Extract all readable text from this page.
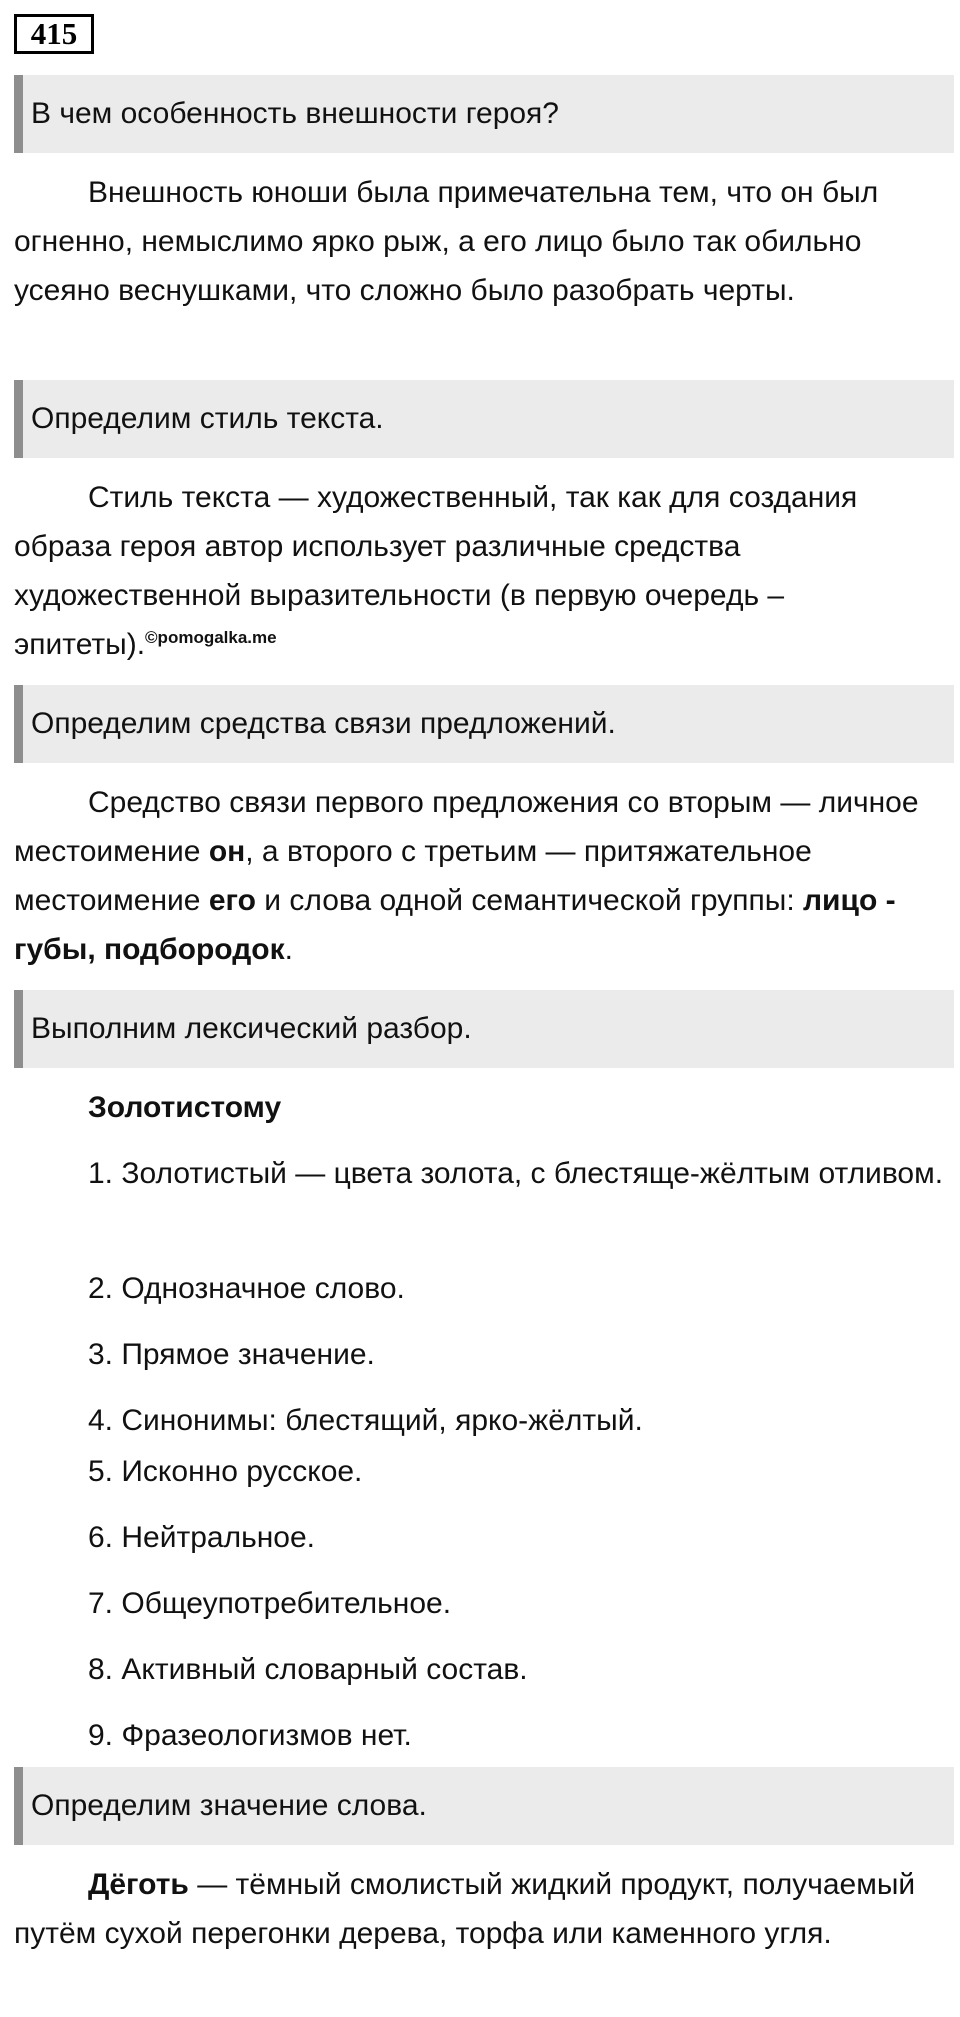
415
В чем особенность внешности героя?
Внешность юноши была примечательна тем, что он был огненно, немыслимо ярко рыж, а его лицо было так обильно усеяно веснушками, что сложно было разобрать черты.
Определим стиль текста.
Стиль текста — художественный, так как для создания образа героя автор использует различные средства художественной выразительности (в первую очередь – эпитеты).$^{©pomogalka.me}$
Определим средства связи предложений.
Средство связи первого предложения со вторым — личное местоимение он, а второго с третьим — притяжательное местоимение его и слова одной семантической группы: лицо - губы, подбородок.
Выполним лексический разбор.
Золотистому
1. Золотистый — цвета золота, с блестяще-жёлтым отливом.
2. Однозначное слово.
3. Прямое значение.
4. Синонимы: блестящий, ярко-жёлтый.
5. Исконно русское.
6. Нейтральное.
7. Общеупотребительное.
8. Активный словарный состав.
9. Фразеологизмов нет.
Определим значение слова.
Дёготь — тёмный смолистый жидкий продукт, получаемый путём сухой перегонки дерева, торфа или каменного угля.
